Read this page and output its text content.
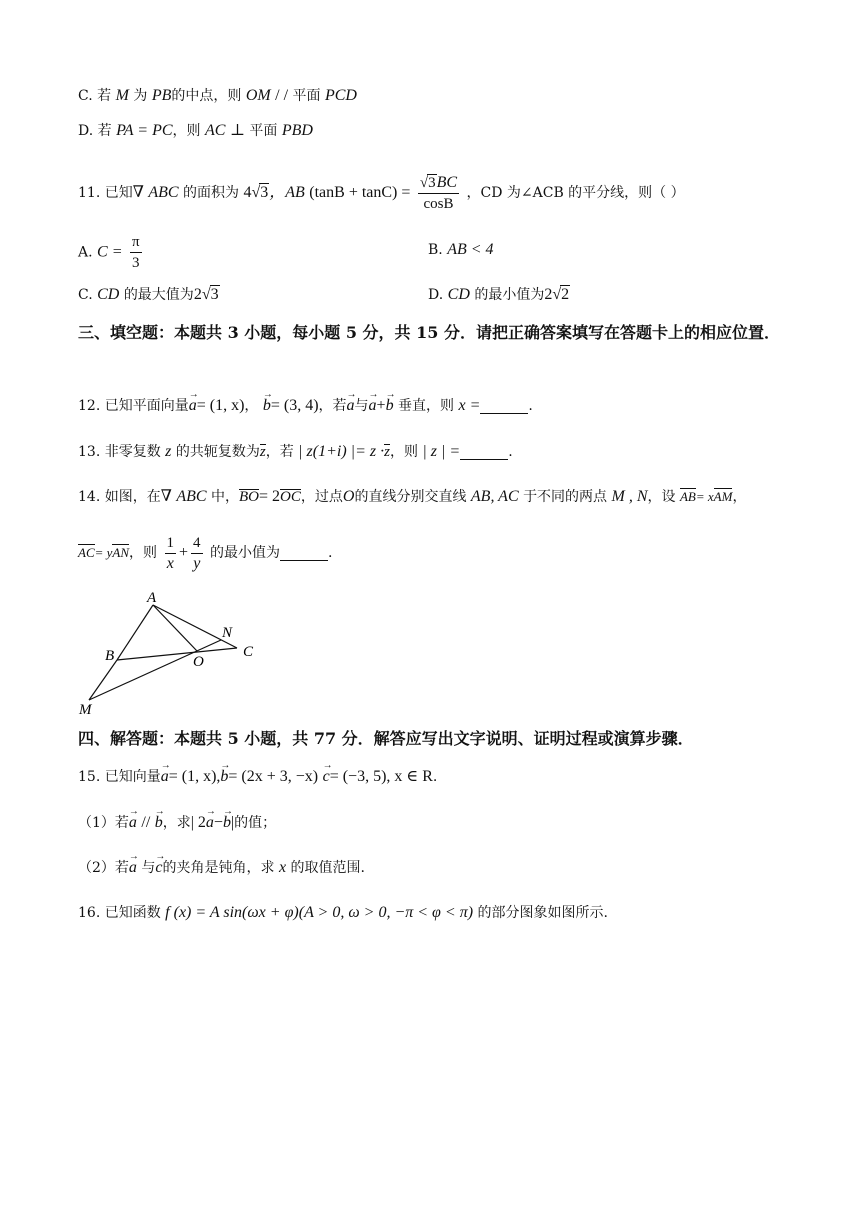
C. 若 M 为 PB的中点，则 OM / / 平面 PCD
D. 若 PA = PC，则 AC ⊥ 平面 PBD
11. 已知∇ ABC 的面积为 4√3，AB $(\tan B + \tan C) = \frac{√3BC}{\cos B}$ ，CD 为∠ACB 的平分线，则（ ）
A. $C = \frac{\pi}{3}$	B. AB < 4
C. CD 的最大值为2√3	D. CD 的最小值为2√2
三、填空题：本题共 3 小题，每小题 5 分，共 15 分．请把正确答案填写在答题卡上的相应位置．
12. 已知平面向量→ a= (1, x)， → b= (3, 4)，若→ a与→ a+→ b 垂直，则 x =	.
13. 非零复数 z 的共轭复数为z，若 | z(1+i) |= z ·z，则 | z | =	.
14. 如图，在∇ ABC 中，BO= 2OC，过点O的直线分别交直线 AB, AC 于不同的两点 M , N，设 AB= xAM，
AC= yAN，则 $\frac{1}{x} + \frac{4}{y}$ 的最小值为	.
A
B	O
N
C
M
四、解答题：本题共 5 小题，共 77 分．解答应写出文字说明、证明过程或演算步骤．
15. 已知向量→ a= (1, x),→ b= (2x + 3, −x) → c= (−3, 5), x ∈ R.
（1）若→ a // → b，求| 2→ a−→ b|的值；
（2）若→ a 与→ c的夹角是钝角，求 x 的取值范围.
16. 已知函数 f (x) = A sin(ωx + φ)(A > 0, ω > 0, −π < φ < π) 的部分图象如图所示.
